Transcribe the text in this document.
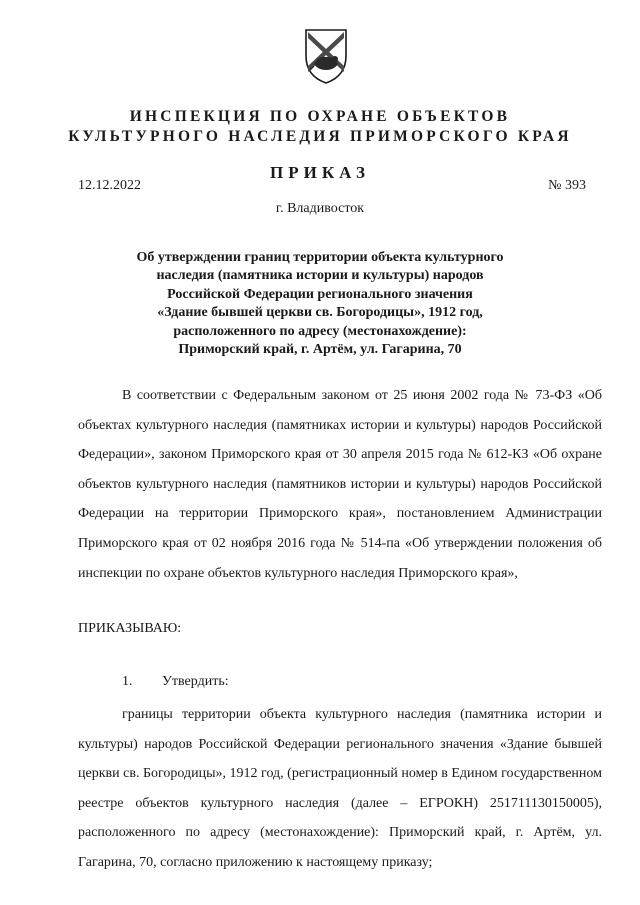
ИНСПЕКЦИЯ ПО ОХРАНЕ ОБЪЕКТОВ
КУЛЬТУРНОГО НАСЛЕДИЯ ПРИМОРСКОГО КРАЯ
ПРИКАЗ
12.12.2022	№ 393
г. Владивосток
Об утверждении границ территории объекта культурного
наследия (памятника истории и культуры) народов
Российской Федерации регионального значения
«Здание бывшей церкви св. Богородицы», 1912 год,
расположенного по адресу (местонахождение):
Приморский край, г. Артём, ул. Гагарина, 70
В соответствии с Федеральным законом от 25 июня 2002 года № 73-ФЗ «Об объектах культурного наследия (памятниках истории и культуры) народов Российской Федерации», законом Приморского края от 30 апреля 2015 года № 612-КЗ «Об охране объектов культурного наследия (памятников истории и культуры) народов Российской Федерации на территории Приморского края», постановлением Администрации Приморского края от 02 ноября 2016 года № 514-па «Об утверждении положения об инспекции по охране объектов культурного наследия Приморского края»,
ПРИКАЗЫВАЮ:
1. Утвердить:
границы территории объекта культурного наследия (памятника истории и культуры) народов Российской Федерации регионального значения «Здание бывшей церкви св. Богородицы», 1912 год, (регистрационный номер в Едином государственном реестре объектов культурного наследия (далее – ЕГРОКН) 251711130150005), расположенного по адресу (местонахождение): Приморский край, г. Артём, ул. Гагарина, 70, согласно приложению к настоящему приказу;
